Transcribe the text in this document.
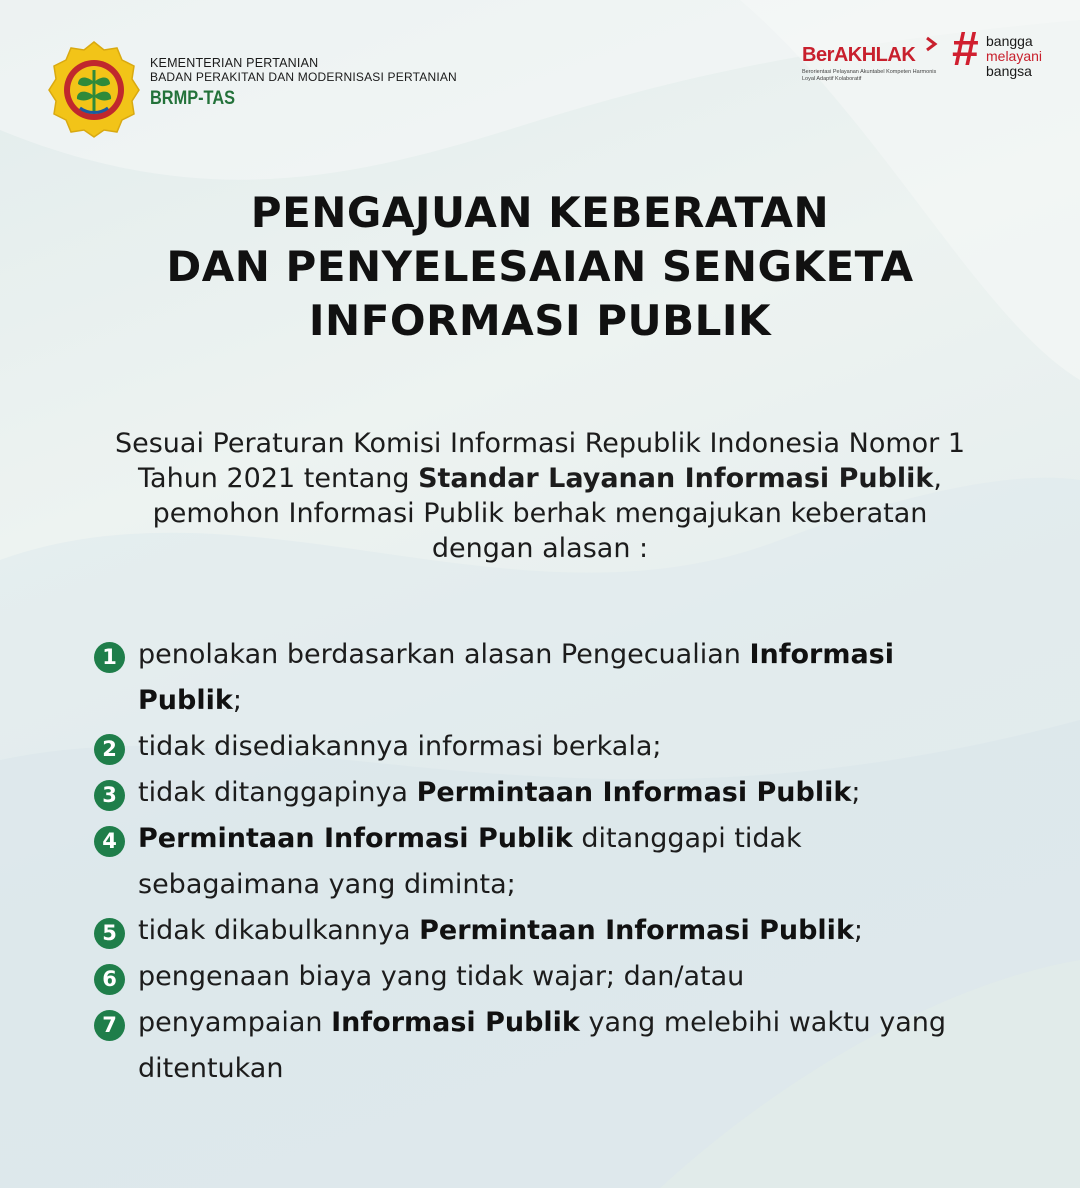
KEMENTERIAN PERTANIAN
BADAN PERAKITAN DAN MODERNISASI PERTANIAN
BRMP-TAS
BerAKHLAK
Berorientasi Pelayanan Akuntabel Kompeten Harmonis Loyal Adaptif Kolaboratif
# bangga
melayani
bangsa
PENGAJUAN KEBERATAN
DAN PENYELESAIAN SENGKETA
INFORMASI PUBLIK
Sesuai Peraturan Komisi Informasi Republik Indonesia Nomor 1 Tahun 2021 tentang Standar Layanan Informasi Publik, pemohon Informasi Publik berhak mengajukan keberatan dengan alasan :
1 penolakan berdasarkan alasan Pengecualian Informasi Publik;
2 tidak disediakannya informasi berkala;
3 tidak ditanggapinya Permintaan Informasi Publik;
4 Permintaan Informasi Publik ditanggapi tidak sebagaimana yang diminta;
5 tidak dikabulkannya Permintaan Informasi Publik;
6 pengenaan biaya yang tidak wajar; dan/atau
7 penyampaian Informasi Publik yang melebihi waktu yang ditentukan
